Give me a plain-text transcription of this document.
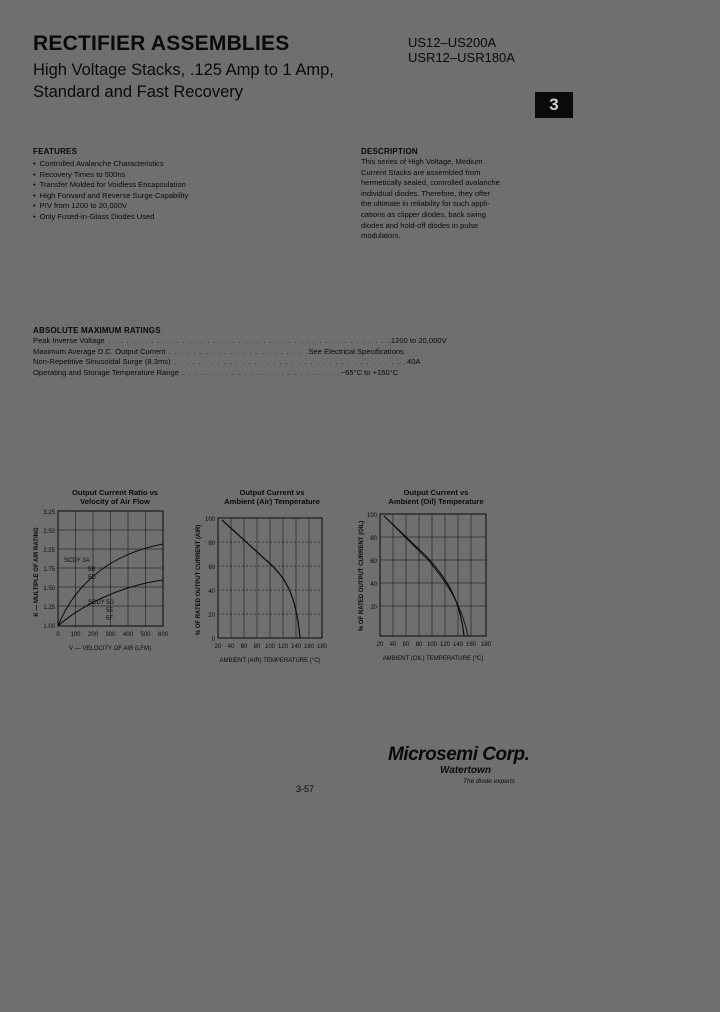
RECTIFIER ASSEMBLIES
High Voltage Stacks, .125 Amp to 1 Amp,
Standard and Fast Recovery
US12–US200A
USR12–USR180A
3
FEATURES
• Controlled Avalanche Characteristics
• Recovery Times to 500ns
• Transfer Molded for Voidless Encapsulation
• High Forward and Reverse Surge Capability
• PIV from 1200 to 20,000V
• Only Fused-in-Glass Diodes Used
DESCRIPTION
This series of High Voltage, Medium
Current Stacks are assembled from
hermetically sealed, controlled avalanche
individual diodes. Therefore, they offer
the ultimate in reliability for such appli-
cations as clipper diodes, back swing
diodes and hold-off diodes in pulse
modulators.
ABSOLUTE MAXIMUM RATINGS
Peak Inverse Voltage . . . . . . . . . . . . . . . . . . . . . . . . . . . . . . . . . . . . . . . . . . . . . . 1200 to 20,000V
Maximum Average D.C. Output Current . . . . . . . . . . . . . . . . . . . . . . . See Electrical Specifications
Non-Repetitive Sinusoidal Surge (8.3ms) . . . . . . . . . . . . . . . . . . . . . . . . . . . . . . . . . . . . . . 40A
Operating and Storage Temperature Range . . . . . . . . . . . . . . . . . . . . . . . . . . −65°C to +150°C
Output Current Ratio vs
Velocity of Air Flow
SCDY 3A
5B
5D
SCDY 5D
5E
5F
3.25
2.50
2.25
1.75
1.50
1.25
1.00
0 100 200 300 400 500 600
V — VELOCITY OF AIR (LFM)
K — MULTIPLE OF AIR RATING
Output Current vs
Ambient (Air) Temperature
100
80
60
40
20
0
20 40 60 80 100 120 140 160 180
AMBIENT (AIR) TEMPERATURE (°C)
% OF RATED OUTPUT CURRENT (AIR)
Output Current vs
Ambient (Oil) Temperature
100
80
60
40
20
20 40 60 80 100 120 140 160 180
AMBIENT (OIL) TEMPERATURE (°C)
% OF RATED OUTPUT CURRENT (OIL)
3-57
Microsemi Corp.
Watertown
The diode experts
